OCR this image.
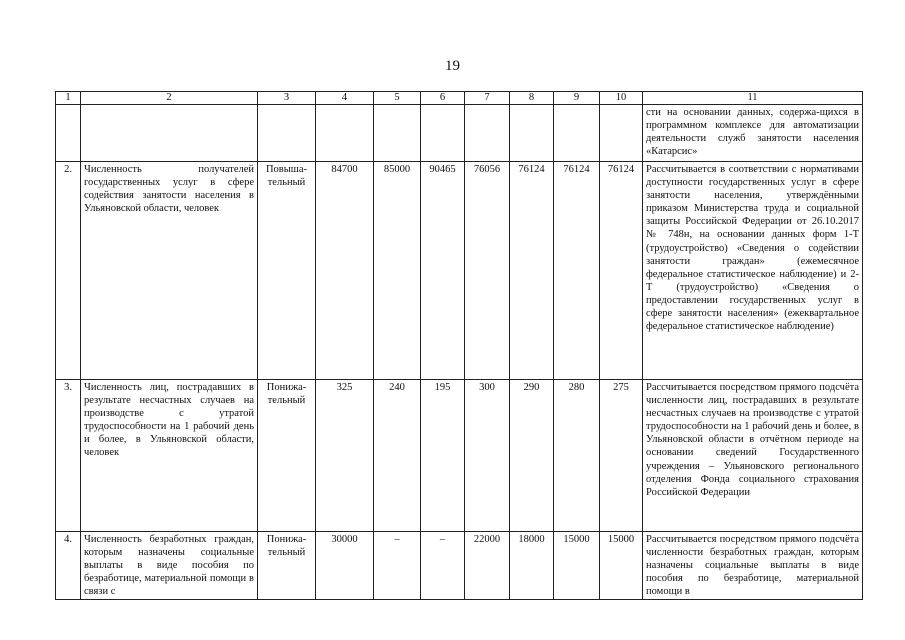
19
1	2	3	4	5	6	7	8	9	10	11
										сти на основании данных, содержа-щихся в программном комплексе для автоматизации деятельности служб занятости населения «Катарсис»
2.	Численность получателей государственных услуг в сфере содействия занятости населения в Ульяновской области, человек	Повыша-тельный	84700	85000	90465	76056	76124	76124	76124	Рассчитывается в соответствии с нормативами доступности государственных услуг в сфере занятости населения, утверждёнными приказом Министерства труда и социальной защиты Российской Федерации от 26.10.2017 № 748н, на основании данных форм 1-Т (трудоустройство) «Сведения о содействии занятости граждан» (ежемесячное федеральное статистическое наблюдение) и 2-Т (трудоустройство) «Сведения о предоставлении государственных услуг в сфере занятости населения» (ежеквартальное федеральное статистическое наблюдение)
3.	Численность лиц, пострадавших в результате несчастных случаев на производстве с утратой трудоспособности на 1 рабочий день и более, в Ульяновской области, человек	Понижа-тельный	325	240	195	300	290	280	275	Рассчитывается посредством прямого подсчёта численности лиц, пострадавших в результате несчастных случаев на производстве с утратой трудоспособности на 1 рабочий день и более, в Ульяновской области в отчётном периоде на основании сведений Государственного учреждения – Ульяновского регионального отделения Фонда социального страхования Российской Федерации
4.	Численность безработных граждан, которым назначены социальные выплаты в виде пособия по безработице, материальной помощи в связи с	Понижа-тельный	30000	–	–	22000	18000	15000	15000	Рассчитывается посредством прямого подсчёта численности безработных граждан, которым назначены социальные выплаты в виде пособия по безработице, материальной помощи в
